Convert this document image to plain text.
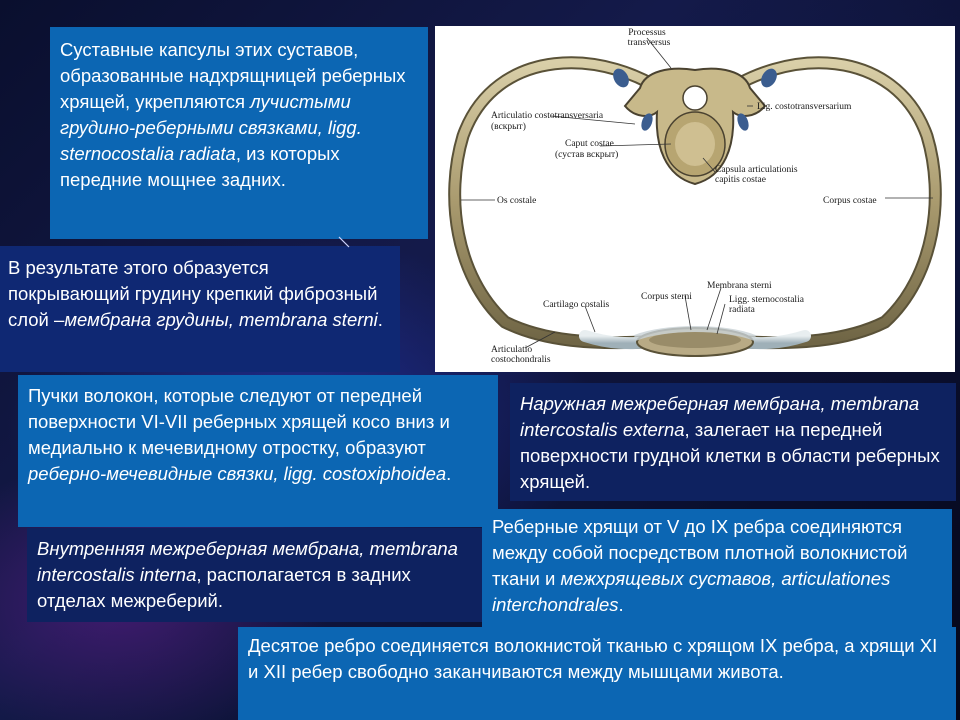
Суставные капсулы этих суставов, образованные надхрящницей реберных хрящей, укрепляются лучистыми грудино-реберными связками, ligg. sternocostalia radiata, из которых передние мощнее задних.
В результате этого образуется покрывающий грудину крепкий фиброзный слой –мембрана грудины, membrana sterni.
Processus
transversus
Lig. costotransversarium
Articulatio costotransversaria
(вскрыт)
Caput costae
(сустав вскрыт)
Capsula articulationis
capitis costae
Os costale	Corpus costae
Membrana sterni
Corpus sterni
Cartilago costalis	Ligg. sternocostalia
radiata
Articulatio
costochondralis
Пучки волокон, которые следуют от передней поверхности VI-VII реберных хрящей косо вниз и медиально к мечевидному отростку, образуют реберно-мечевидные связки, ligg. costoxiphoidea.
Наружная межреберная мембрана, membrana intercostalis externa, залегает на передней поверхности грудной клетки в области реберных хрящей.
Внутренняя межреберная мембрана, membrana intercostalis interna, располагается в задних отделах межреберий.
Реберные хрящи от V до IX ребра соединяются между собой посредством плотной волокнистой ткани и межхрящевых суставов, articulationes interchondrales.
Десятое ребро соединяется волокнистой тканью с хрящом IX ребра, а хрящи XI и XII ребер свободно заканчиваются между мышцами живота.
